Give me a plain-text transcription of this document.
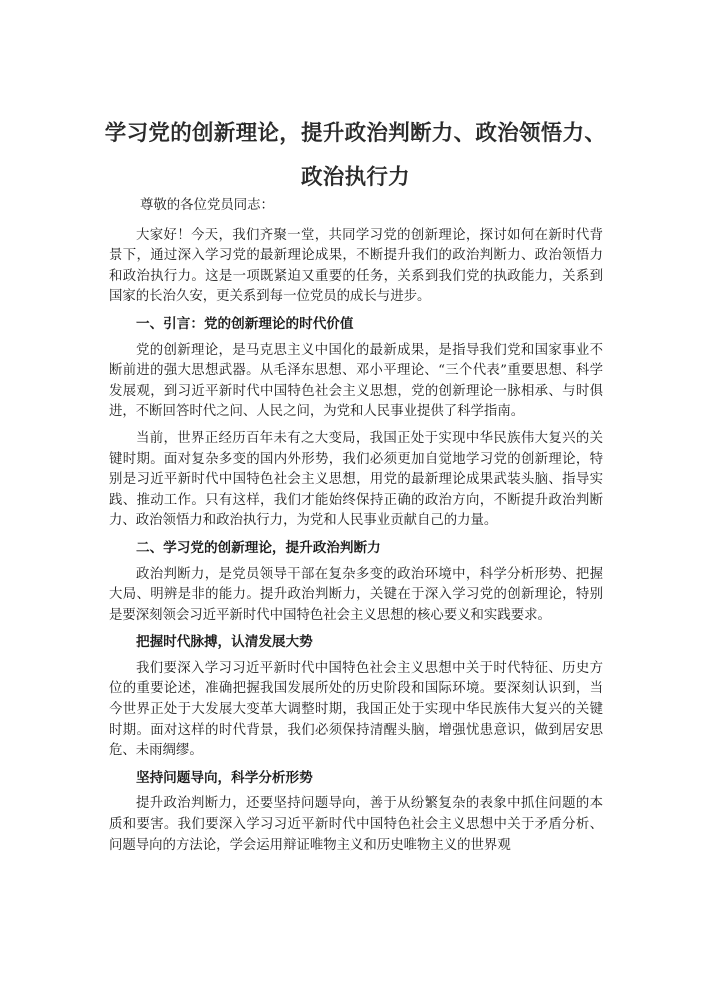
学习党的创新理论，提升政治判断力、政治领悟力、
政治执行力

尊敬的各位党员同志：

大家好！今天，我们齐聚一堂，共同学习党的创新理论，探讨如何在新时代背景下，通过深入学习党的最新理论成果，不断提升我们的政治判断力、政治领悟力和政治执行力。这是一项既紧迫又重要的任务，关系到我们党的执政能力，关系到国家的长治久安，更关系到每一位党员的成长与进步。

一、引言：党的创新理论的时代价值

党的创新理论，是马克思主义中国化的最新成果，是指导我们党和国家事业不断前进的强大思想武器。从毛泽东思想、邓小平理论、“三个代表”重要思想、科学发展观，到习近平新时代中国特色社会主义思想，党的创新理论一脉相承、与时俱进，不断回答时代之问、人民之问，为党和人民事业提供了科学指南。

当前，世界正经历百年未有之大变局，我国正处于实现中华民族伟大复兴的关键时期。面对复杂多变的国内外形势，我们必须更加自觉地学习党的创新理论，特别是习近平新时代中国特色社会主义思想，用党的最新理论成果武装头脑、指导实践、推动工作。只有这样，我们才能始终保持正确的政治方向，不断提升政治判断力、政治领悟力和政治执行力，为党和人民事业贡献自己的力量。

二、学习党的创新理论，提升政治判断力

政治判断力，是党员领导干部在复杂多变的政治环境中，科学分析形势、把握大局、明辨是非的能力。提升政治判断力，关键在于深入学习党的创新理论，特别是要深刻领会习近平新时代中国特色社会主义思想的核心要义和实践要求。

把握时代脉搏，认清发展大势

我们要深入学习习近平新时代中国特色社会主义思想中关于时代特征、历史方位的重要论述，准确把握我国发展所处的历史阶段和国际环境。要深刻认识到，当今世界正处于大发展大变革大调整时期，我国正处于实现中华民族伟大复兴的关键时期。面对这样的时代背景，我们必须保持清醒头脑，增强忧患意识，做到居安思危、未雨绸缪。

坚持问题导向，科学分析形势

提升政治判断力，还要坚持问题导向，善于从纷繁复杂的表象中抓住问题的本质和要害。我们要深入学习习近平新时代中国特色社会主义思想中关于矛盾分析、问题导向的方法论，学会运用辩证唯物主义和历史唯物主义的世界观
